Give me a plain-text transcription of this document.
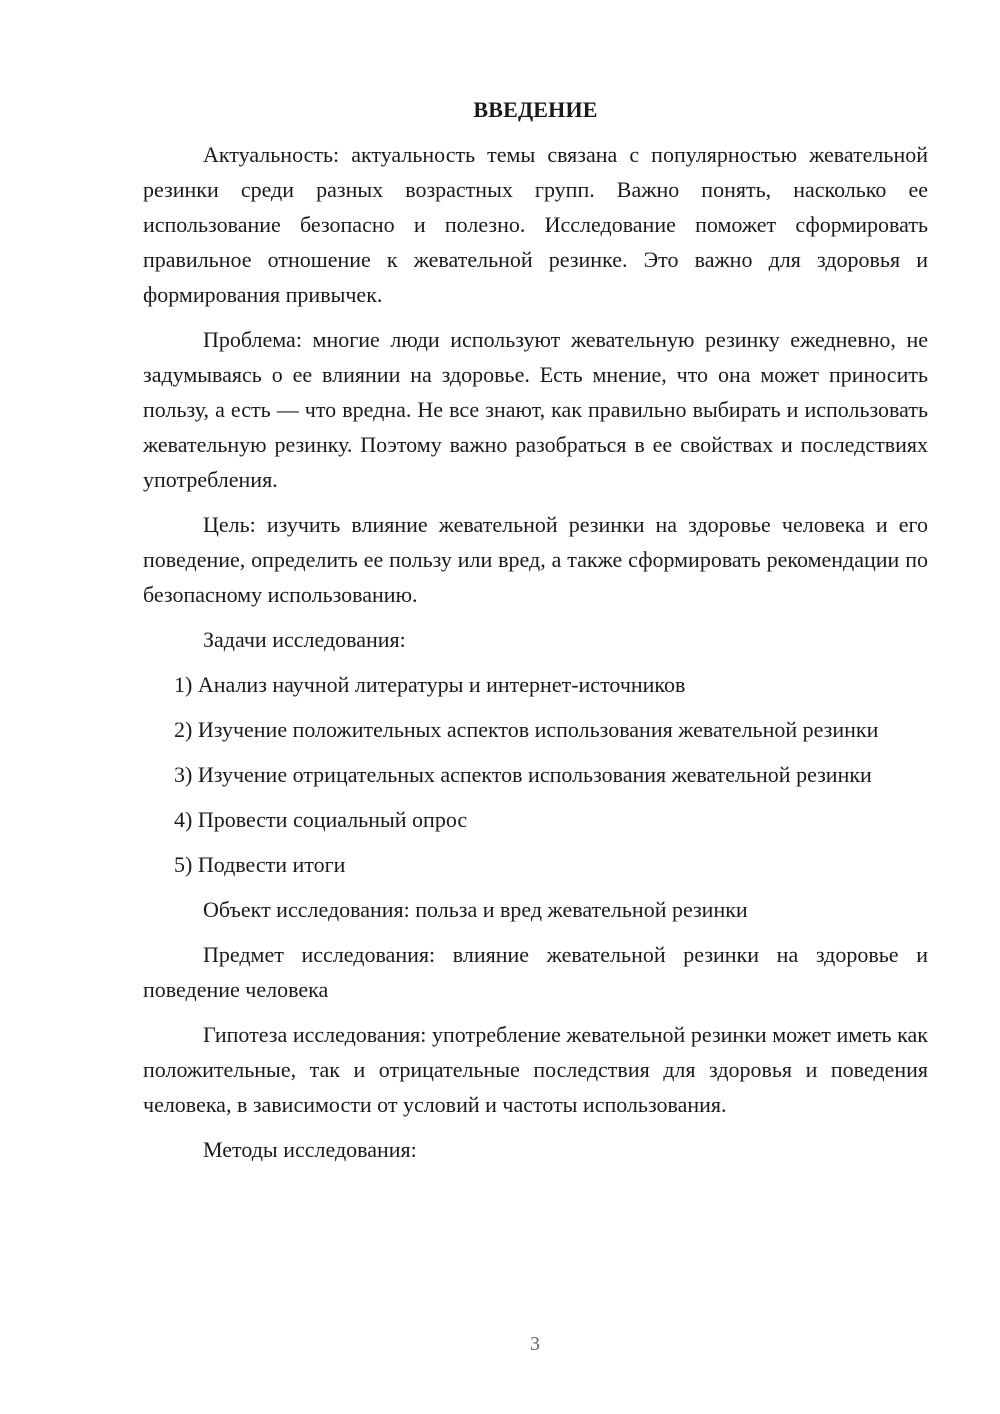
ВВЕДЕНИЕ

Актуальность: актуальность темы связана с популярностью жевательной резинки среди разных возрастных групп. Важно понять, насколько ее использование безопасно и полезно. Исследование поможет сформировать правильное отношение к жевательной резинке. Это важно для здоровья и формирования привычек.

Проблема: многие люди используют жевательную резинку ежедневно, не задумываясь о ее влиянии на здоровье. Есть мнение, что она может приносить пользу, а есть — что вредна. Не все знают, как правильно выбирать и использовать жевательную резинку. Поэтому важно разобраться в ее свойствах и последствиях употребления.

Цель: изучить влияние жевательной резинки на здоровье человека и его поведение, определить ее пользу или вред, а также сформировать рекомендации по безопасному использованию.

Задачи исследования:

1) Анализ научной литературы и интернет-источников

2) Изучение положительных аспектов использования жевательной резинки

3) Изучение отрицательных аспектов использования жевательной резинки

4) Провести социальный опрос

5) Подвести итоги

Объект исследования: польза и вред жевательной резинки

Предмет исследования: влияние жевательной резинки на здоровье и поведение человека

Гипотеза исследования: употребление жевательной резинки может иметь как положительные, так и отрицательные последствия для здоровья и поведения человека, в зависимости от условий и частоты использования.

Методы исследования:

3
